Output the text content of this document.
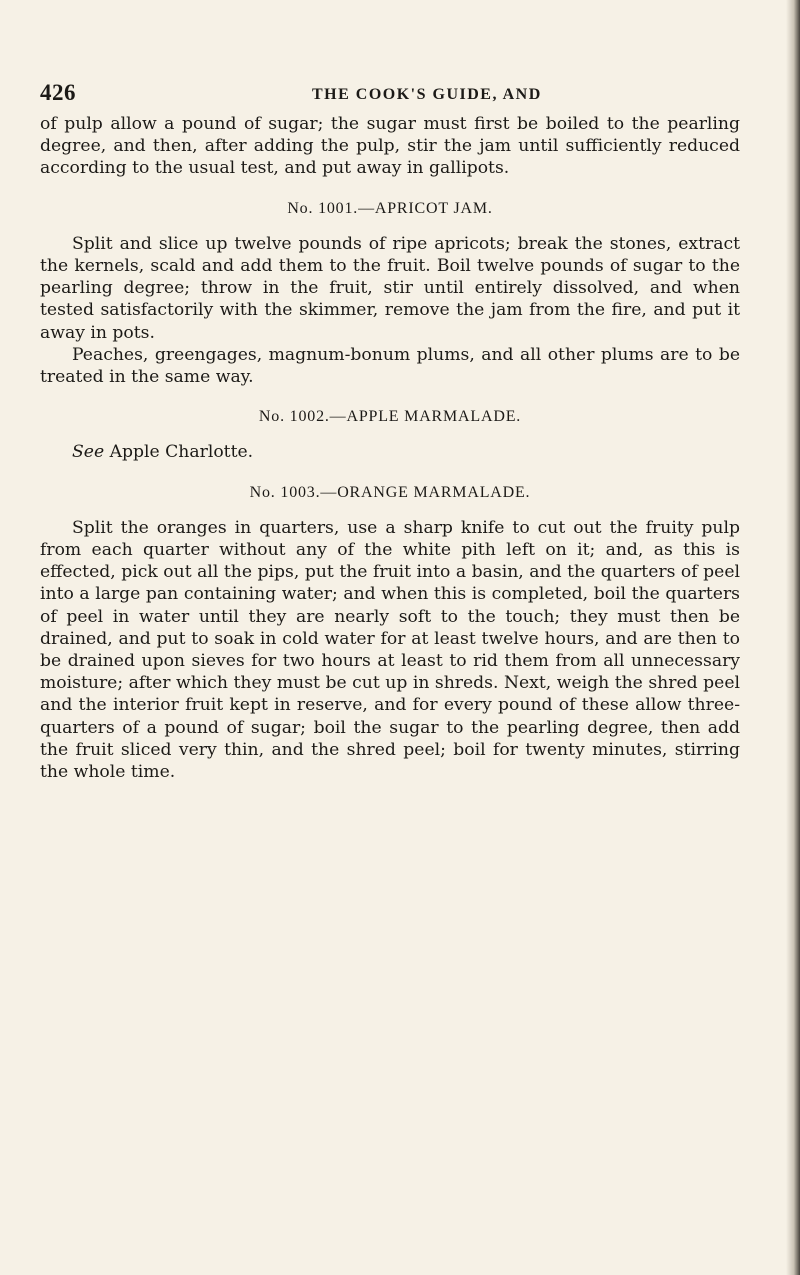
426	THE COOK'S GUIDE, AND

of pulp allow a pound of sugar; the sugar must first be boiled to the pearling degree, and then, after adding the pulp, stir the jam until sufficiently reduced according to the usual test, and put away in gallipots.

No. 1001.—APRICOT JAM.

Split and slice up twelve pounds of ripe apricots; break the stones, extract the kernels, scald and add them to the fruit. Boil twelve pounds of sugar to the pearling degree; throw in the fruit, stir until entirely dissolved, and when tested satisfactorily with the skimmer, remove the jam from the fire, and put it away in pots.

Peaches, greengages, magnum-bonum plums, and all other plums are to be treated in the same way.

No. 1002.—APPLE MARMALADE.

See Apple Charlotte.

No. 1003.—ORANGE MARMALADE.

Split the oranges in quarters, use a sharp knife to cut out the fruity pulp from each quarter without any of the white pith left on it; and, as this is effected, pick out all the pips, put the fruit into a basin, and the quarters of peel into a large pan containing water; and when this is completed, boil the quarters of peel in water until they are nearly soft to the touch; they must then be drained, and put to soak in cold water for at least twelve hours, and are then to be drained upon sieves for two hours at least to rid them from all unnecessary moisture; after which they must be cut up in shreds. Next, weigh the shred peel and the interior fruit kept in reserve, and for every pound of these allow three-quarters of a pound of sugar; boil the sugar to the pearling degree, then add the fruit sliced very thin, and the shred peel; boil for twenty minutes, stirring the whole time.
